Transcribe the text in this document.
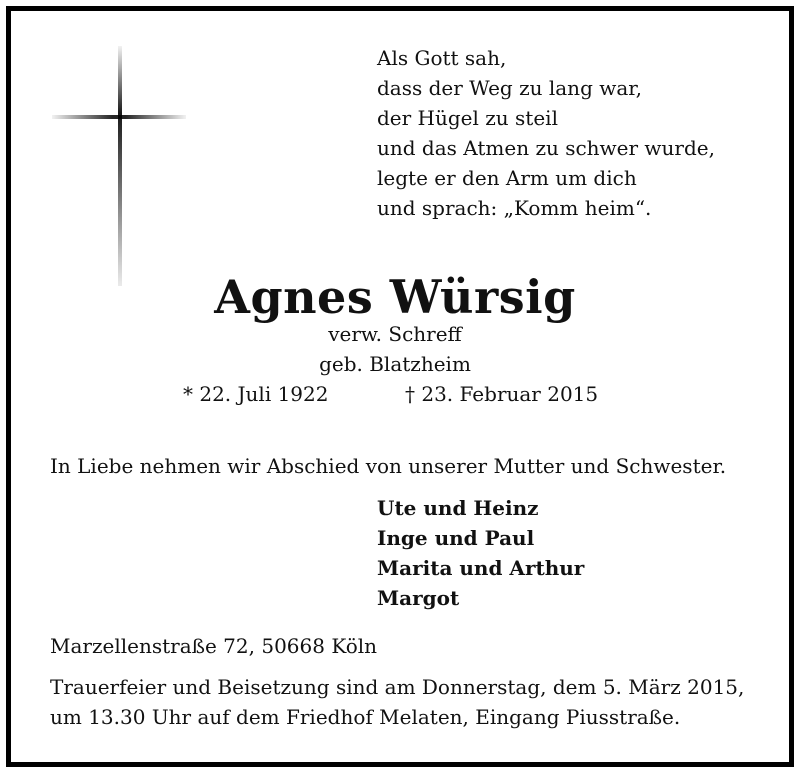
Als Gott sah,
dass der Weg zu lang war,
der Hügel zu steil
und das Atmen zu schwer wurde,
legte er den Arm um dich
und sprach: „Komm heim“.
Agnes Würsig
verw. Schreff
geb. Blatzheim
* 22. Juli 1922	† 23. Februar 2015
In Liebe nehmen wir Abschied von unserer Mutter und Schwester.
Ute und Heinz
Inge und Paul
Marita und Arthur
Margot
Marzellenstraße 72, 50668 Köln
Trauerfeier und Beisetzung sind am Donnerstag, dem 5. März 2015,
um 13.30 Uhr auf dem Friedhof Melaten, Eingang Piusstraße.
